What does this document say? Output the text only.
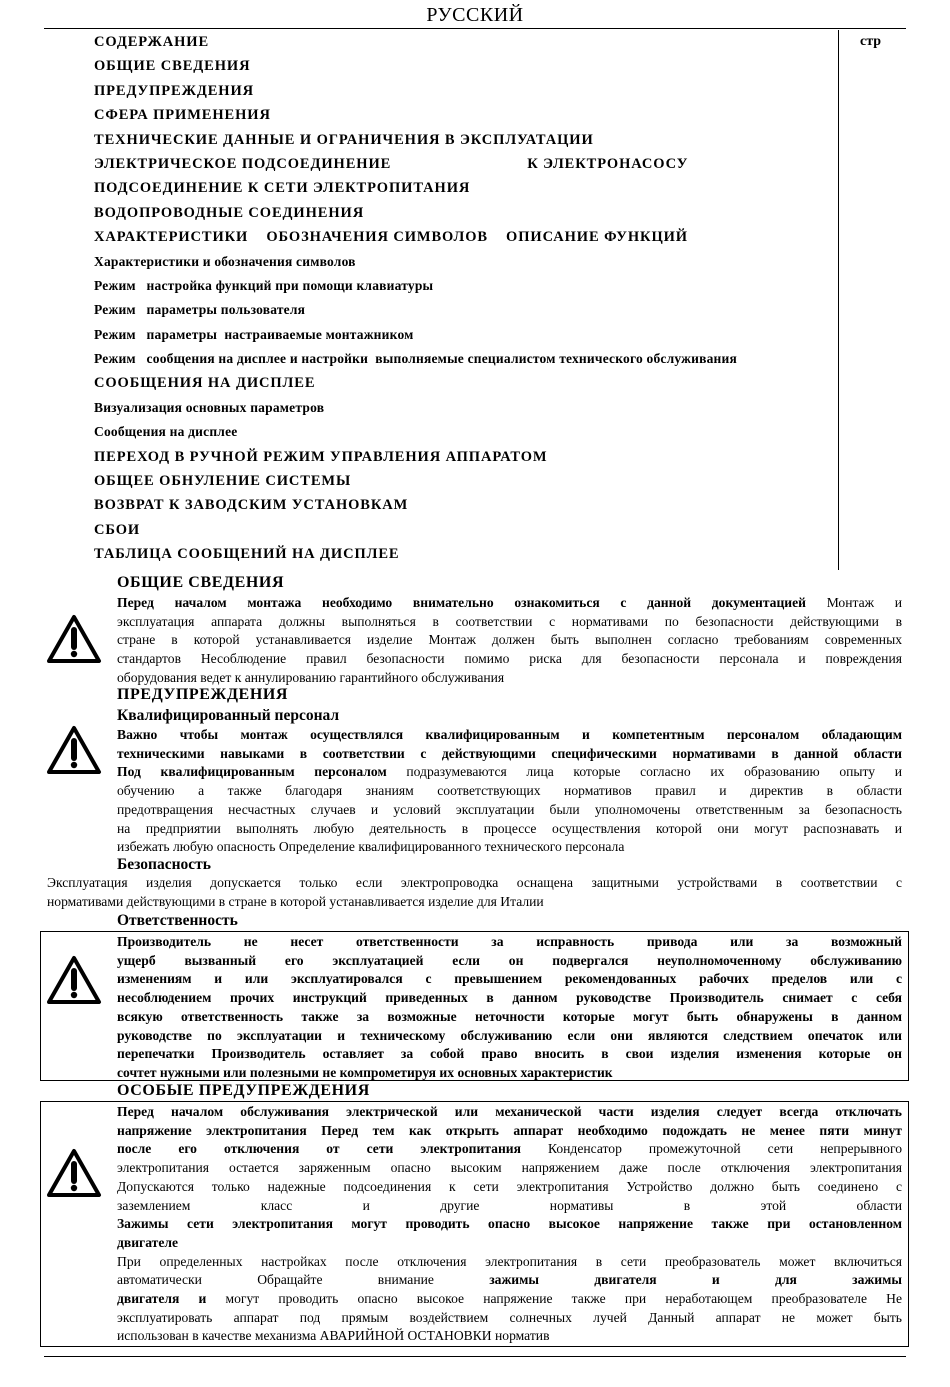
РУССКИЙ
стр
СОДЕРЖАНИЕ
ОБЩИЕ СВЕДЕНИЯ
ПРЕДУПРЕЖДЕНИЯ
СФЕРА ПРИМЕНЕНИЯ
ТЕХНИЧЕСКИЕ ДАННЫЕ И ОГРАНИЧЕНИЯ В ЭКСПЛУАТАЦИИ
ЭЛЕКТРИЧЕСКОЕ ПОДСОЕДИНЕНИЕ	К ЭЛЕКТРОНАСОСУ
ПОДСОЕДИНЕНИЕ К СЕТИ ЭЛЕКТРОПИТАНИЯ
ВОДОПРОВОДНЫЕ СОЕДИНЕНИЯ
ХАРАКТЕРИСТИКИ    ОБОЗНАЧЕНИЯ СИМВОЛОВ    ОПИСАНИЕ ФУНКЦИЙ
Характеристики и обозначения символов
Режим   настройка функций при помощи клавиатуры
Режим   параметры пользователя
Режим   параметры  настраиваемые монтажником
Режим   сообщения на дисплее и настройки  выполняемые специалистом технического обслуживания
СООБЩЕНИЯ НА ДИСПЛЕЕ
Визуализация основных параметров
Сообщения на дисплее
ПЕРЕХОД В РУЧНОЙ РЕЖИМ УПРАВЛЕНИЯ АППАРАТОМ
ОБЩЕЕ ОБНУЛЕНИЕ СИСТЕМЫ
ВОЗВРАТ К ЗАВОДСКИМ УСТАНОВКАМ
СБОИ
ТАБЛИЦА СООБЩЕНИЙ НА ДИСПЛЕЕ
ОБЩИЕ СВЕДЕНИЯ
Перед началом монтажа необходимо внимательно ознакомиться с данной документацией Монтаж и
эксплуатация аппарата должны выполняться в соответствии с нормативами по безопасности действующими в
стране в которой устанавливается изделие Монтаж должен быть выполнен согласно требованиям современных
стандартов Несоблюдение правил безопасности помимо риска для безопасности персонала и повреждения
оборудования ведет к аннулированию гарантийного обслуживания
ПРЕДУПРЕЖДЕНИЯ
Квалифицированный персонал
Важно чтобы монтаж осуществлялся квалифицированным и компетентным персоналом обладающим
техническими навыками в соответствии с действующими специфическими нормативами в данной области
Под квалифицированным персоналом подразумеваются лица которые согласно их образованию опыту и
обучению а также благодаря знаниям соответствующих нормативов правил и директив в области
предотвращения несчастных случаев и условий эксплуатации были уполномочены ответственным за безопасность
на предприятии выполнять любую деятельность в процессе осуществления которой они могут распознавать и
избежать любую опасность Определение квалифицированного технического персонала
Безопасность
Эксплуатация изделия допускается только если электропроводка оснащена защитными устройствами в соответствии с
нормативами действующими в стране в которой устанавливается изделие для Италии
Ответственность
Производитель не несет ответственности за исправность привода или за возможный
ущерб вызванный его эксплуатацией если он подвергался неуполномоченному обслуживанию
изменениям и или эксплуатировался с превышением рекомендованных рабочих пределов или с
несоблюдением прочих инструкций приведенных в данном руководстве Производитель снимает с себя
всякую ответственность также за возможные неточности которые могут быть обнаружены в данном
руководстве по эксплуатации и техническому обслуживанию если они являются следствием опечаток или
перепечатки Производитель оставляет за собой право вносить в свои изделия изменения которые он
сочтет нужными или полезными не компрометируя их основных характеристик
ОСОБЫЕ ПРЕДУПРЕЖДЕНИЯ
Перед началом обслуживания электрической или механической части изделия следует всегда отключать
напряжение электропитания Перед тем как открыть аппарат необходимо подождать не менее пяти минут
после его отключения от сети электропитания Конденсатор промежуточной сети непрерывного
электропитания остается заряженным опасно высоким напряжением даже после отключения электропитания
Допускаются только надежные подсоединения к сети электропитания Устройство должно быть соединено с
заземлением класс и другие нормативы в этой области
Зажимы сети электропитания могут проводить опасно высокое напряжение также при остановленном
двигателе
При определенных настройках после отключения электропитания в сети преобразователь может включиться
автоматически Обращайте внимание зажимы двигателя и для зажимы
двигателя и могут проводить опасно высокое напряжение также при неработающем преобразователе Не
эксплуатировать аппарат под прямым воздействием солнечных лучей Данный аппарат не может быть
использован в качестве механизма АВАРИЙНОЙ ОСТАНОВКИ норматив
